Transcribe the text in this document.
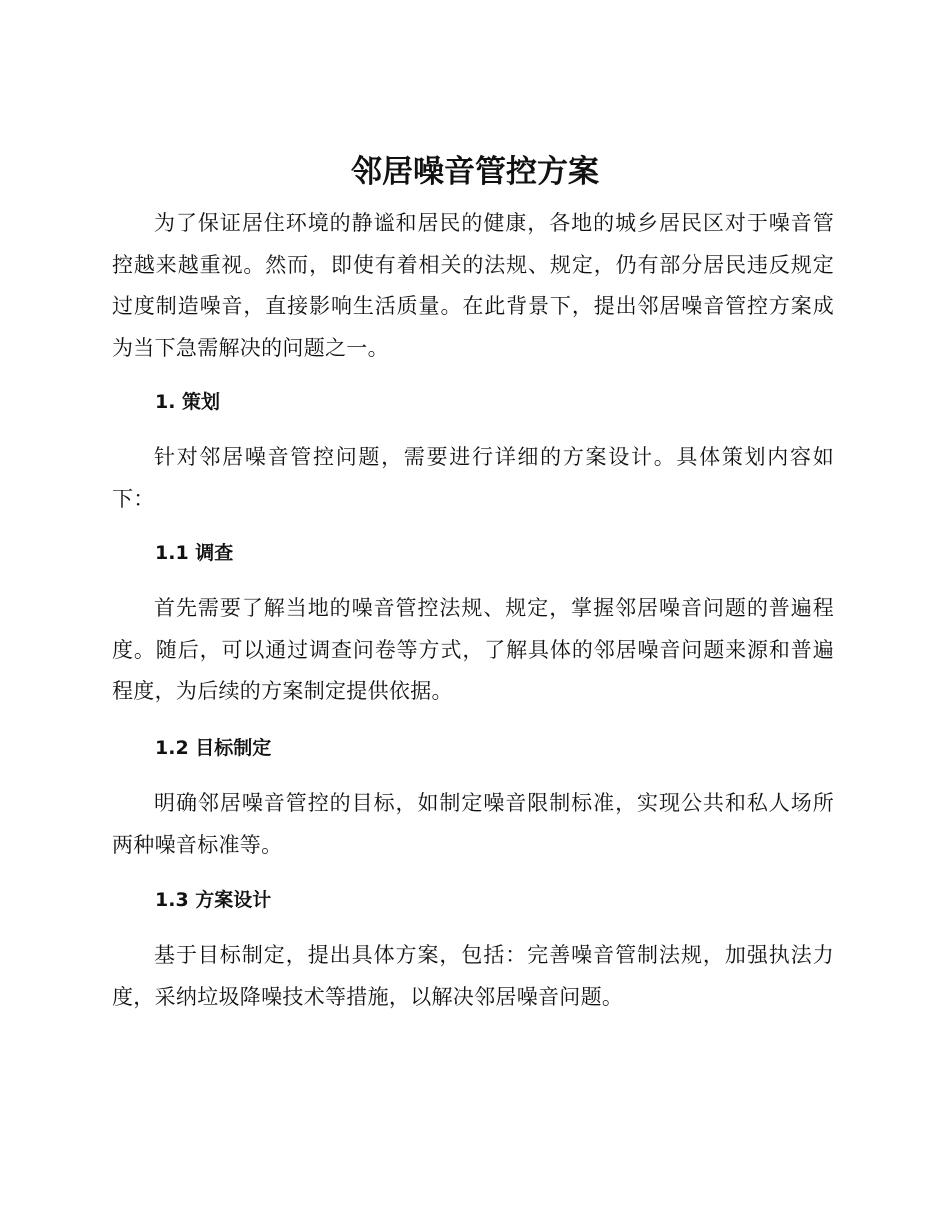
邻居噪音管控方案

为了保证居住环境的静谧和居民的健康，各地的城乡居民区对于噪音管控越来越重视。然而，即使有着相关的法规、规定，仍有部分居民违反规定过度制造噪音，直接影响生活质量。在此背景下，提出邻居噪音管控方案成为当下急需解决的问题之一。

1. 策划

针对邻居噪音管控问题，需要进行详细的方案设计。具体策划内容如下：

1.1 调查

首先需要了解当地的噪音管控法规、规定，掌握邻居噪音问题的普遍程度。随后，可以通过调查问卷等方式，了解具体的邻居噪音问题来源和普遍程度，为后续的方案制定提供依据。

1.2 目标制定

明确邻居噪音管控的目标，如制定噪音限制标准，实现公共和私人场所两种噪音标准等。

1.3 方案设计

基于目标制定，提出具体方案，包括：完善噪音管制法规，加强执法力度，采纳垃圾降噪技术等措施，以解决邻居噪音问题。
